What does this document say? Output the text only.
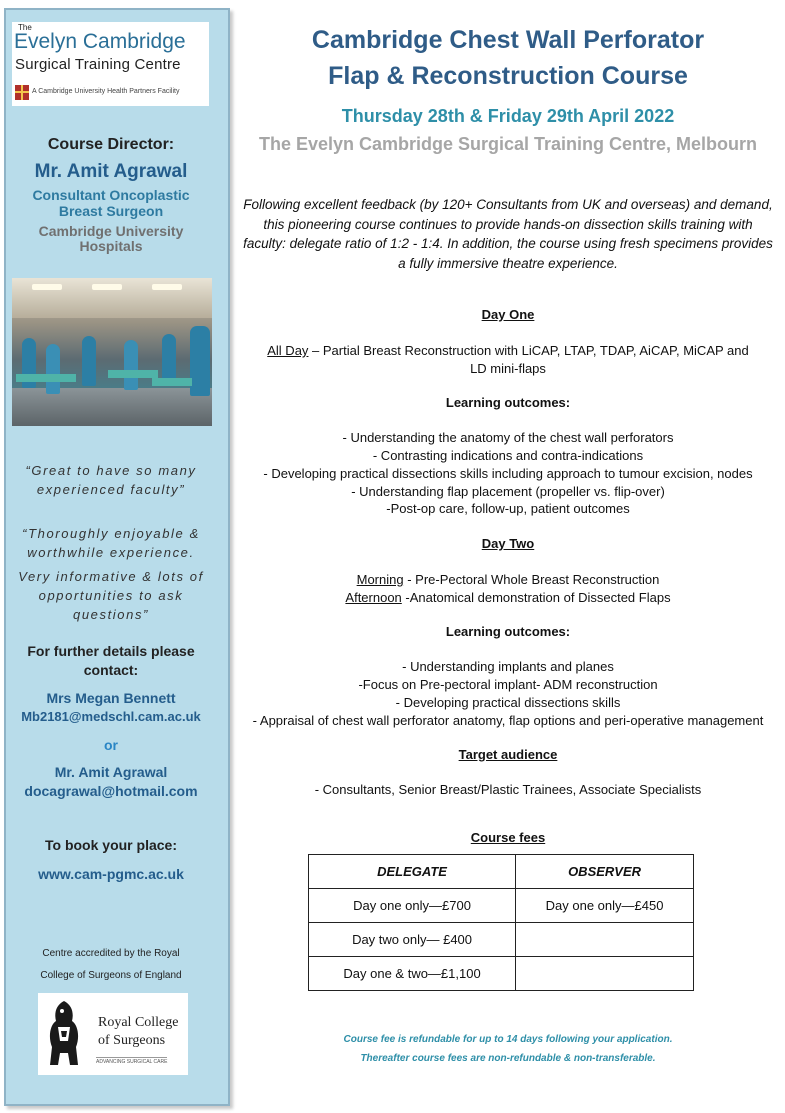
The
Evelyn Cambridge
Surgical Training Centre
A Cambridge University Health Partners Facility
Course Director:
Mr. Amit Agrawal
Consultant Oncoplastic Breast Surgeon
Cambridge University Hospitals
“Great to have so many experienced faculty”
“Thoroughly enjoyable & worthwhile experience.
Very informative & lots of opportunities to ask questions”
For further details please contact:
Mrs Megan Bennett
Mb2181@medschl.cam.ac.uk
or
Mr. Amit Agrawal
docagrawal@hotmail.com
To book your place:
www.cam-pgmc.ac.uk
Centre accredited by the Royal
College of Surgeons of England
Royal College
of Surgeons
ADVANCING SURGICAL CARE
Cambridge Chest Wall Perforator
Flap & Reconstruction Course
Thursday 28th & Friday 29th April 2022
The Evelyn Cambridge Surgical Training Centre, Melbourn
Following excellent feedback (by 120+ Consultants from UK and overseas) and demand, this pioneering course continues to provide hands-on dissection skills training with faculty: delegate ratio of 1:2 - 1:4. In addition, the course using fresh specimens provides a fully immersive theatre experience.
Day One
All Day – Partial Breast Reconstruction with LiCAP, LTAP, TDAP, AiCAP, MiCAP and
LD mini-flaps
Learning outcomes:
- Understanding the anatomy of the chest wall perforators
- Contrasting indications and contra-indications
- Developing practical dissections skills including approach to tumour excision, nodes
- Understanding flap placement (propeller vs. flip-over)
-Post-op care, follow-up, patient outcomes
Day Two
Morning - Pre-Pectoral Whole Breast Reconstruction
Afternoon -Anatomical demonstration of Dissected Flaps
Learning outcomes:
- Understanding implants and planes
-Focus on Pre-pectoral implant- ADM reconstruction
- Developing practical dissections skills
- Appraisal of chest wall perforator anatomy, flap options and peri-operative management
Target audience
- Consultants, Senior Breast/Plastic Trainees, Associate Specialists
Course fees
DELEGATE	OBSERVER
Day one only—£700	Day one only—£450
Day two only— £400	
Day one & two—£1,100	
Course fee is refundable for up to 14 days following your application.
Thereafter course fees are non-refundable & non-transferable.
